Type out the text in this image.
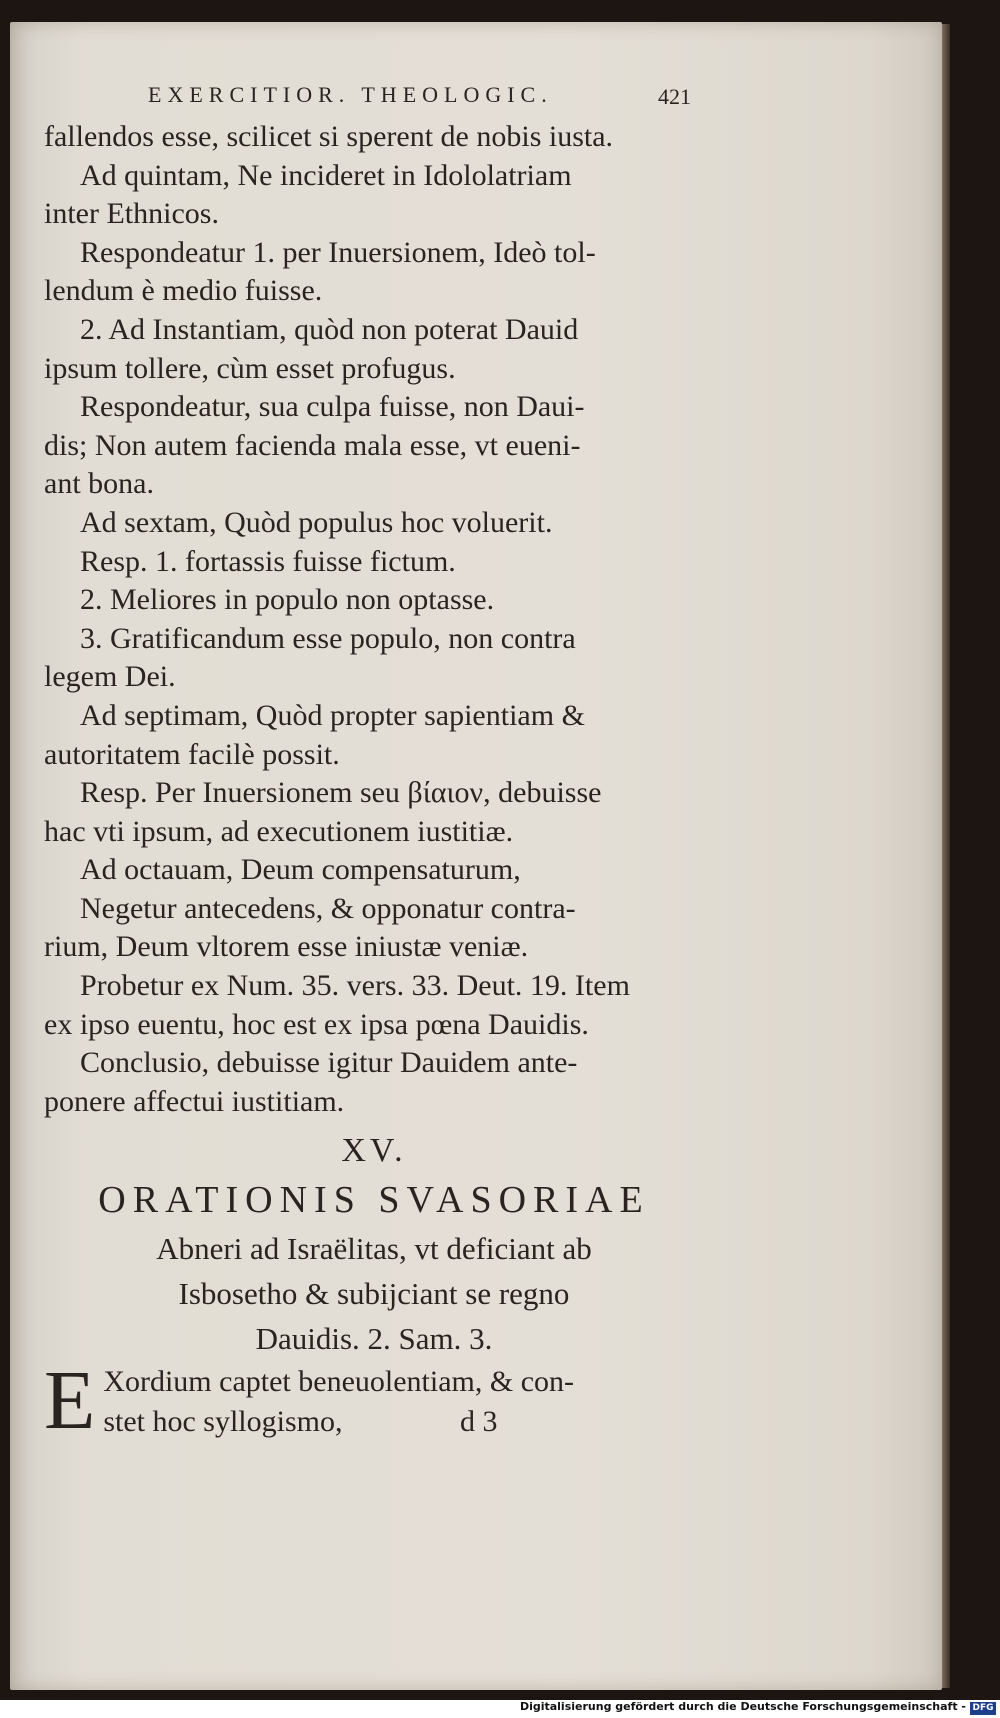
EXERCITIOR. THEOLOGIC.	421
fallendos esse, scilicet si sperent de nobis iusta.
Ad quintam, Ne incideret in Idololatriam
inter Ethnicos.
Respondeatur 1. per Inuersionem, Ideò tol-
lendum è medio fuisse.
2. Ad Instantiam, quòd non poterat Dauid
ipsum tollere, cùm esset profugus.
Respondeatur, sua culpa fuisse, non Daui-
dis; Non autem facienda mala esse, vt eueni-
ant bona.
Ad sextam, Quòd populus hoc voluerit.
Resp. 1. fortassis fuisse fictum.
2. Meliores in populo non optasse.
3. Gratificandum esse populo, non contra
legem Dei.
Ad septimam, Quòd propter sapientiam &
autoritatem facilè possit.
Resp. Per Inuersionem seu βίαιον, debuisse
hac vti ipsum, ad executionem iustitiæ.
Ad octauam, Deum compensaturum,
Negetur antecedens, & opponatur contra-
rium, Deum vltorem esse iniustæ veniæ.
Probetur ex Num. 35. vers. 33. Deut. 19. Item
ex ipso euentu, hoc est ex ipsa pœna Dauidis.
Conclusio, debuisse igitur Dauidem ante-
ponere affectui iustitiam.
XV.
ORATIONIS SVASORIAE
Abneri ad Israëlitas, vt deficiant ab
Isbosetho & subijciant se regno
Dauidis. 2. Sam. 3.
E Xordium captet beneuolentiam, & con-
stet hoc syllogismo,	d 3
Digitalisierung gefördert durch die Deutsche Forschungsgemeinschaft - DFG
